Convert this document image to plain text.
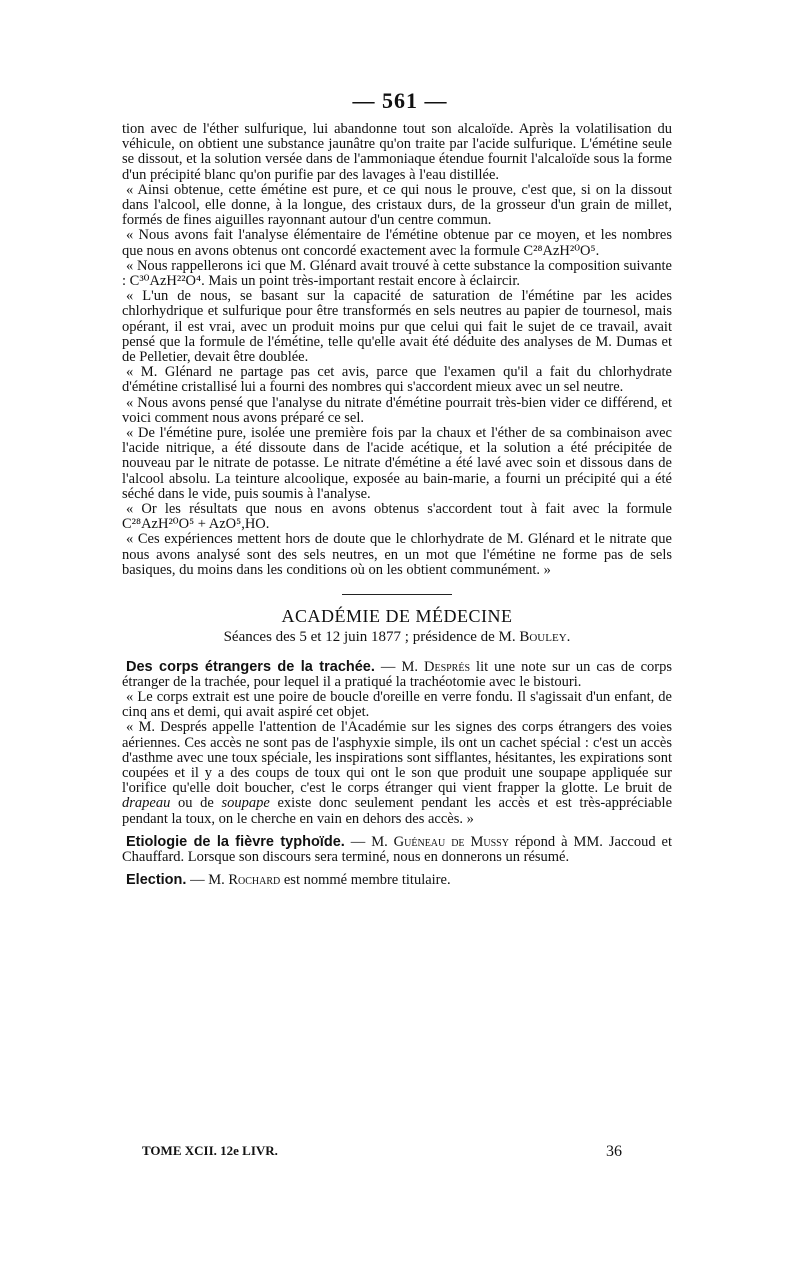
— 561 —

tion avec de l'éther sulfurique, lui abandonne tout son alcaloïde. Après la volatilisation du véhicule, on obtient une substance jaunâtre qu'on traite par l'acide sulfurique. L'émétine seule se dissout, et la solution versée dans de l'ammoniaque étendue fournit l'alcaloïde sous la forme d'un précipité blanc qu'on purifie par des lavages à l'eau distillée.

« Ainsi obtenue, cette émétine est pure, et ce qui nous le prouve, c'est que, si on la dissout dans l'alcool, elle donne, à la longue, des cristaux durs, de la grosseur d'un grain de millet, formés de fines aiguilles rayonnant autour d'un centre commun.

« Nous avons fait l'analyse élémentaire de l'émétine obtenue par ce moyen, et les nombres que nous en avons obtenus ont concordé exactement avec la formule C²⁸AzH²⁰O⁵.

« Nous rappellerons ici que M. Glénard avait trouvé à cette substance la composition suivante : C³⁰AzH²²O⁴. Mais un point très-important restait encore à éclaircir.

« L'un de nous, se basant sur la capacité de saturation de l'émétine par les acides chlorhydrique et sulfurique pour être transformés en sels neutres au papier de tournesol, mais opérant, il est vrai, avec un produit moins pur que celui qui fait le sujet de ce travail, avait pensé que la formule de l'émétine, telle qu'elle avait été déduite des analyses de M. Dumas et de Pelletier, devait être doublée.

« M. Glénard ne partage pas cet avis, parce que l'examen qu'il a fait du chlorhydrate d'émétine cristallisé lui a fourni des nombres qui s'accordent mieux avec un sel neutre.

« Nous avons pensé que l'analyse du nitrate d'émétine pourrait très-bien vider ce différend, et voici comment nous avons préparé ce sel.

« De l'émétine pure, isolée une première fois par la chaux et l'éther de sa combinaison avec l'acide nitrique, a été dissoute dans de l'acide acétique, et la solution a été précipitée de nouveau par le nitrate de potasse. Le nitrate d'émétine a été lavé avec soin et dissous dans de l'alcool absolu. La teinture alcoolique, exposée au bain-marie, a fourni un précipité qui a été séché dans le vide, puis soumis à l'analyse.

« Or les résultats que nous en avons obtenus s'accordent tout à fait avec la formule C²⁸AzH²⁰O⁵ + AzO⁵,HO.

« Ces expériences mettent hors de doute que le chlorhydrate de M. Glénard et le nitrate que nous avons analysé sont des sels neutres, en un mot que l'émétine ne forme pas de sels basiques, du moins dans les conditions où on les obtient communément. »

ACADÉMIE DE MÉDECINE
Séances des 5 et 12 juin 1877 ; présidence de M. Bouley.

Des corps étrangers de la trachée. — M. Després lit une note sur un cas de corps étranger de la trachée, pour lequel il a pratiqué la trachéotomie avec le bistouri.

« Le corps extrait est une poire de boucle d'oreille en verre fondu. Il s'agissait d'un enfant, de cinq ans et demi, qui avait aspiré cet objet.

« M. Després appelle l'attention de l'Académie sur les signes des corps étrangers des voies aériennes. Ces accès ne sont pas de l'asphyxie simple, ils ont un cachet spécial : c'est un accès d'asthme avec une toux spéciale, les inspirations sont sifflantes, hésitantes, les expirations sont coupées et il y a des coups de toux qui ont le son que produit une soupape appliquée sur l'orifice qu'elle doit boucher, c'est le corps étranger qui vient frapper la glotte. Le bruit de drapeau ou de soupape existe donc seulement pendant les accès et est très-appréciable pendant la toux, on le cherche en vain en dehors des accès. »

Etiologie de la fièvre typhoïde. — M. Guéneau de Mussy répond à MM. Jaccoud et Chauffard. Lorsque son discours sera terminé, nous en donnerons un résumé.

Election. — M. Rochard est nommé membre titulaire.

TOME XCII. 12e LIVR.	36
